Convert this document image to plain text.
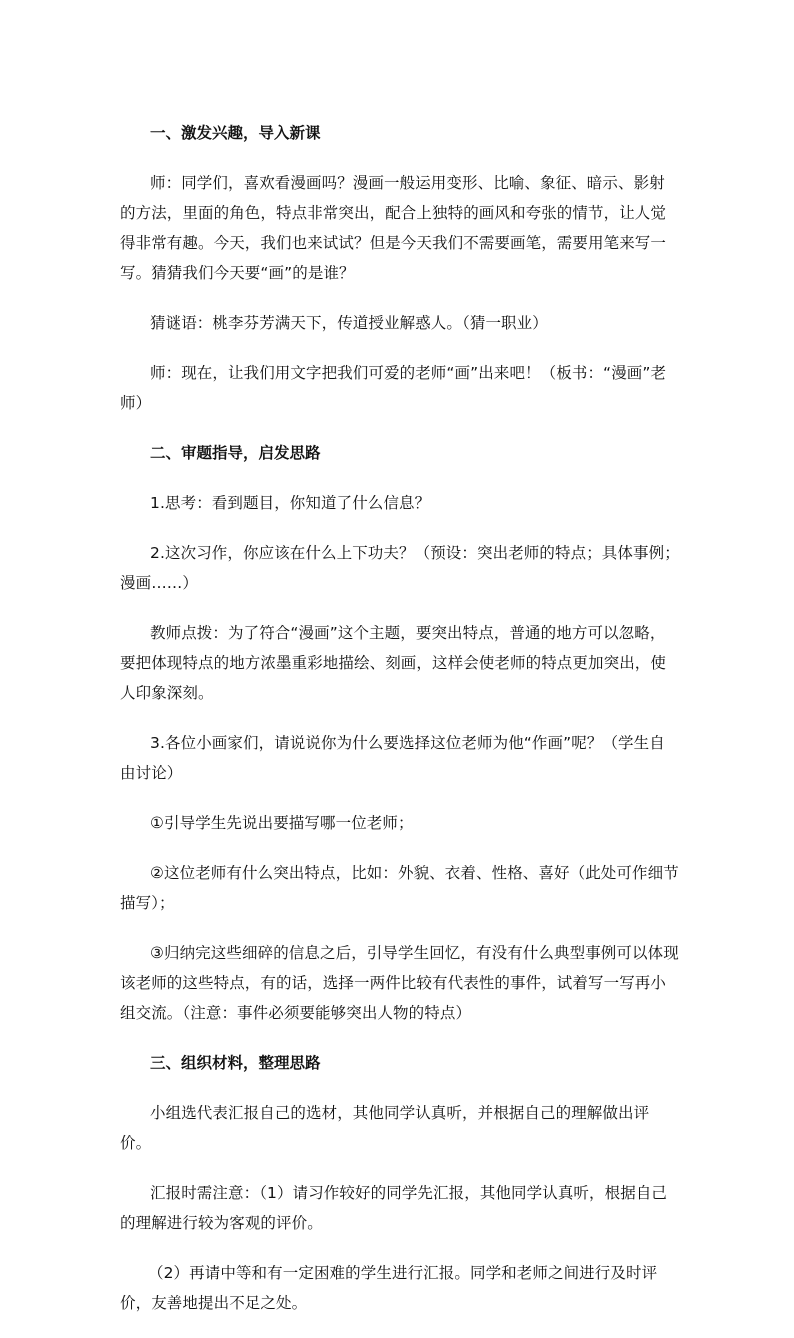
一、激发兴趣，导入新课

师：同学们，喜欢看漫画吗？漫画一般运用变形、比喻、象征、暗示、影射的方法，里面的角色，特点非常突出，配合上独特的画风和夸张的情节，让人觉得非常有趣。今天，我们也来试试？但是今天我们不需要画笔，需要用笔来写一写。猜猜我们今天要“画”的是谁？

猜谜语：桃李芬芳满天下，传道授业解惑人。（猜一职业）

师：现在，让我们用文字把我们可爱的老师“画”出来吧！（板书：“漫画”老师）

二、审题指导，启发思路

1.思考：看到题目，你知道了什么信息？

2.这次习作，你应该在什么上下功夫？（预设：突出老师的特点；具体事例；漫画……）

教师点拨：为了符合“漫画”这个主题，要突出特点，普通的地方可以忽略，要把体现特点的地方浓墨重彩地描绘、刻画，这样会使老师的特点更加突出，使人印象深刻。

3.各位小画家们，请说说你为什么要选择这位老师为他“作画”呢？（学生自由讨论）

①引导学生先说出要描写哪一位老师；

②这位老师有什么突出特点，比如：外貌、衣着、性格、喜好（此处可作细节描写）；

③归纳完这些细碎的信息之后，引导学生回忆，有没有什么典型事例可以体现该老师的这些特点，有的话，选择一两件比较有代表性的事件，试着写一写再小组交流。（注意：事件必须要能够突出人物的特点）

三、组织材料，整理思路

小组选代表汇报自己的选材，其他同学认真听，并根据自己的理解做出评价。

汇报时需注意：（1）请习作较好的同学先汇报，其他同学认真听，根据自己的理解进行较为客观的评价。

（2）再请中等和有一定困难的学生进行汇报。同学和老师之间进行及时评价，友善地提出不足之处。
